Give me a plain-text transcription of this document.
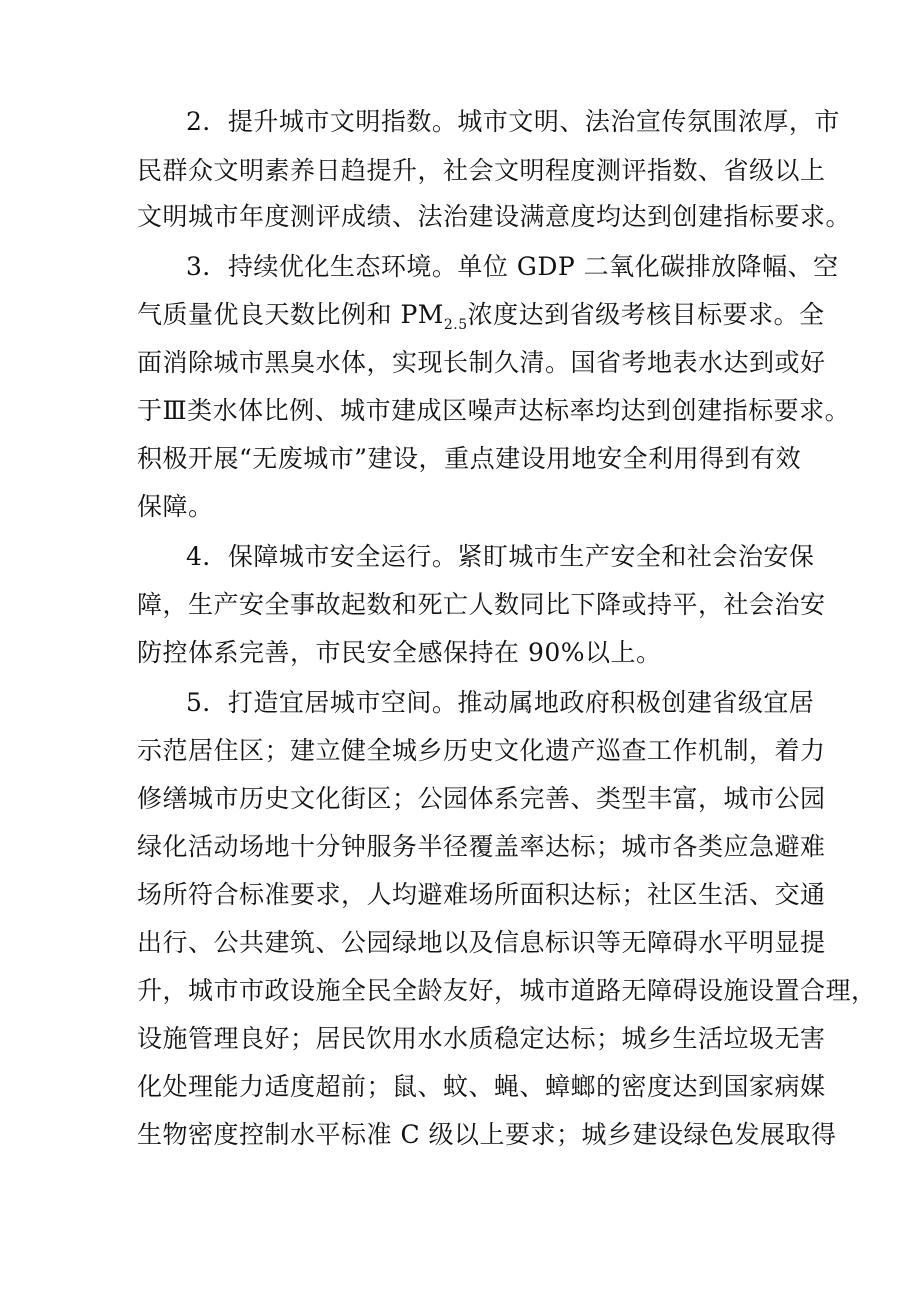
2．提升城市文明指数。城市文明、法治宣传氛围浓厚，市
民群众文明素养日趋提升，社会文明程度测评指数、省级以上
文明城市年度测评成绩、法治建设满意度均达到创建指标要求。
3．持续优化生态环境。单位 GDP 二氧化碳排放降幅、空
气质量优良天数比例和 $PM_{2.5}$浓度达到省级考核目标要求。全
面消除城市黑臭水体，实现长制久清。国省考地表水达到或好
于Ⅲ类水体比例、城市建成区噪声达标率均达到创建指标要求。
积极开展“无废城市”建设，重点建设用地安全利用得到有效
保障。
4．保障城市安全运行。紧盯城市生产安全和社会治安保
障，生产安全事故起数和死亡人数同比下降或持平，社会治安
防控体系完善，市民安全感保持在 90%以上。
5．打造宜居城市空间。推动属地政府积极创建省级宜居
示范居住区；建立健全城乡历史文化遗产巡查工作机制，着力
修缮城市历史文化街区；公园体系完善、类型丰富，城市公园
绿化活动场地十分钟服务半径覆盖率达标；城市各类应急避难
场所符合标准要求，人均避难场所面积达标；社区生活、交通
出行、公共建筑、公园绿地以及信息标识等无障碍水平明显提
升，城市市政设施全民全龄友好，城市道路无障碍设施设置合理，
设施管理良好；居民饮用水水质稳定达标；城乡生活垃圾无害
化处理能力适度超前；鼠、蚊、蝇、蟑螂的密度达到国家病媒
生物密度控制水平标准 C 级以上要求；城乡建设绿色发展取得
